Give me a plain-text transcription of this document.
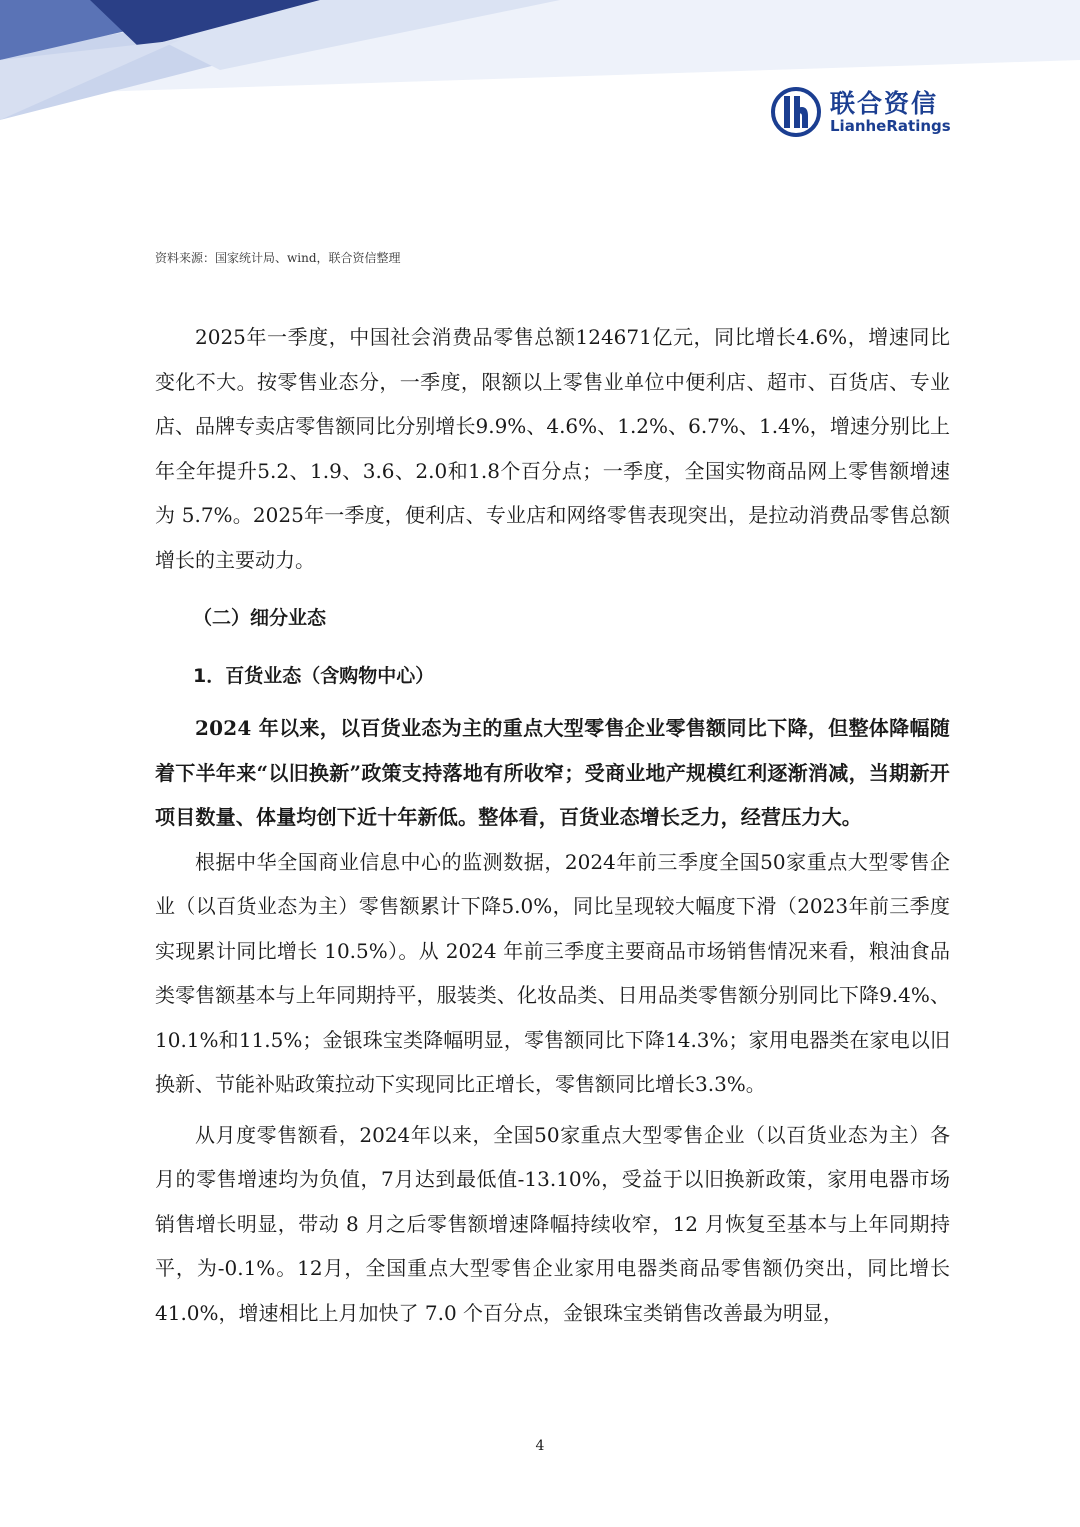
联合资信
LianheRatings
资料来源：国家统计局、wind，联合资信整理

2025年一季度，中国社会消费品零售总额124671亿元，同比增长4.6%，增速同比变化不大。按零售业态分，一季度，限额以上零售业单位中便利店、超市、百货店、专业店、品牌专卖店零售额同比分别增长9.9%、4.6%、1.2%、6.7%、1.4%，增速分别比上年全年提升5.2、1.9、3.6、2.0和1.8个百分点；一季度，全国实物商品网上零售额增速为 5.7%。2025年一季度，便利店、专业店和网络零售表现突出，是拉动消费品零售总额增长的主要动力。

（二）细分业态
1．百货业态（含购物中心）

2024 年以来，以百货业态为主的重点大型零售企业零售额同比下降，但整体降幅随着下半年来“以旧换新”政策支持落地有所收窄；受商业地产规模红利逐渐消减，当期新开项目数量、体量均创下近十年新低。整体看，百货业态增长乏力，经营压力大。

根据中华全国商业信息中心的监测数据，2024年前三季度全国50家重点大型零售企业（以百货业态为主）零售额累计下降5.0%，同比呈现较大幅度下滑（2023年前三季度实现累计同比增长 10.5%）。从 2024 年前三季度主要商品市场销售情况来看，粮油食品类零售额基本与上年同期持平，服装类、化妆品类、日用品类零售额分别同比下降9.4%、10.1%和11.5%；金银珠宝类降幅明显，零售额同比下降14.3%；家用电器类在家电以旧换新、节能补贴政策拉动下实现同比正增长，零售额同比增长3.3%。

从月度零售额看，2024年以来，全国50家重点大型零售企业（以百货业态为主）各月的零售增速均为负值，7月达到最低值-13.10%，受益于以旧换新政策，家用电器市场销售增长明显，带动 8 月之后零售额增速降幅持续收窄，12 月恢复至基本与上年同期持平，为-0.1%。12月，全国重点大型零售企业家用电器类商品零售额仍突出，同比增长41.0%，增速相比上月加快了 7.0 个百分点，金银珠宝类销售改善最为明显，

4
